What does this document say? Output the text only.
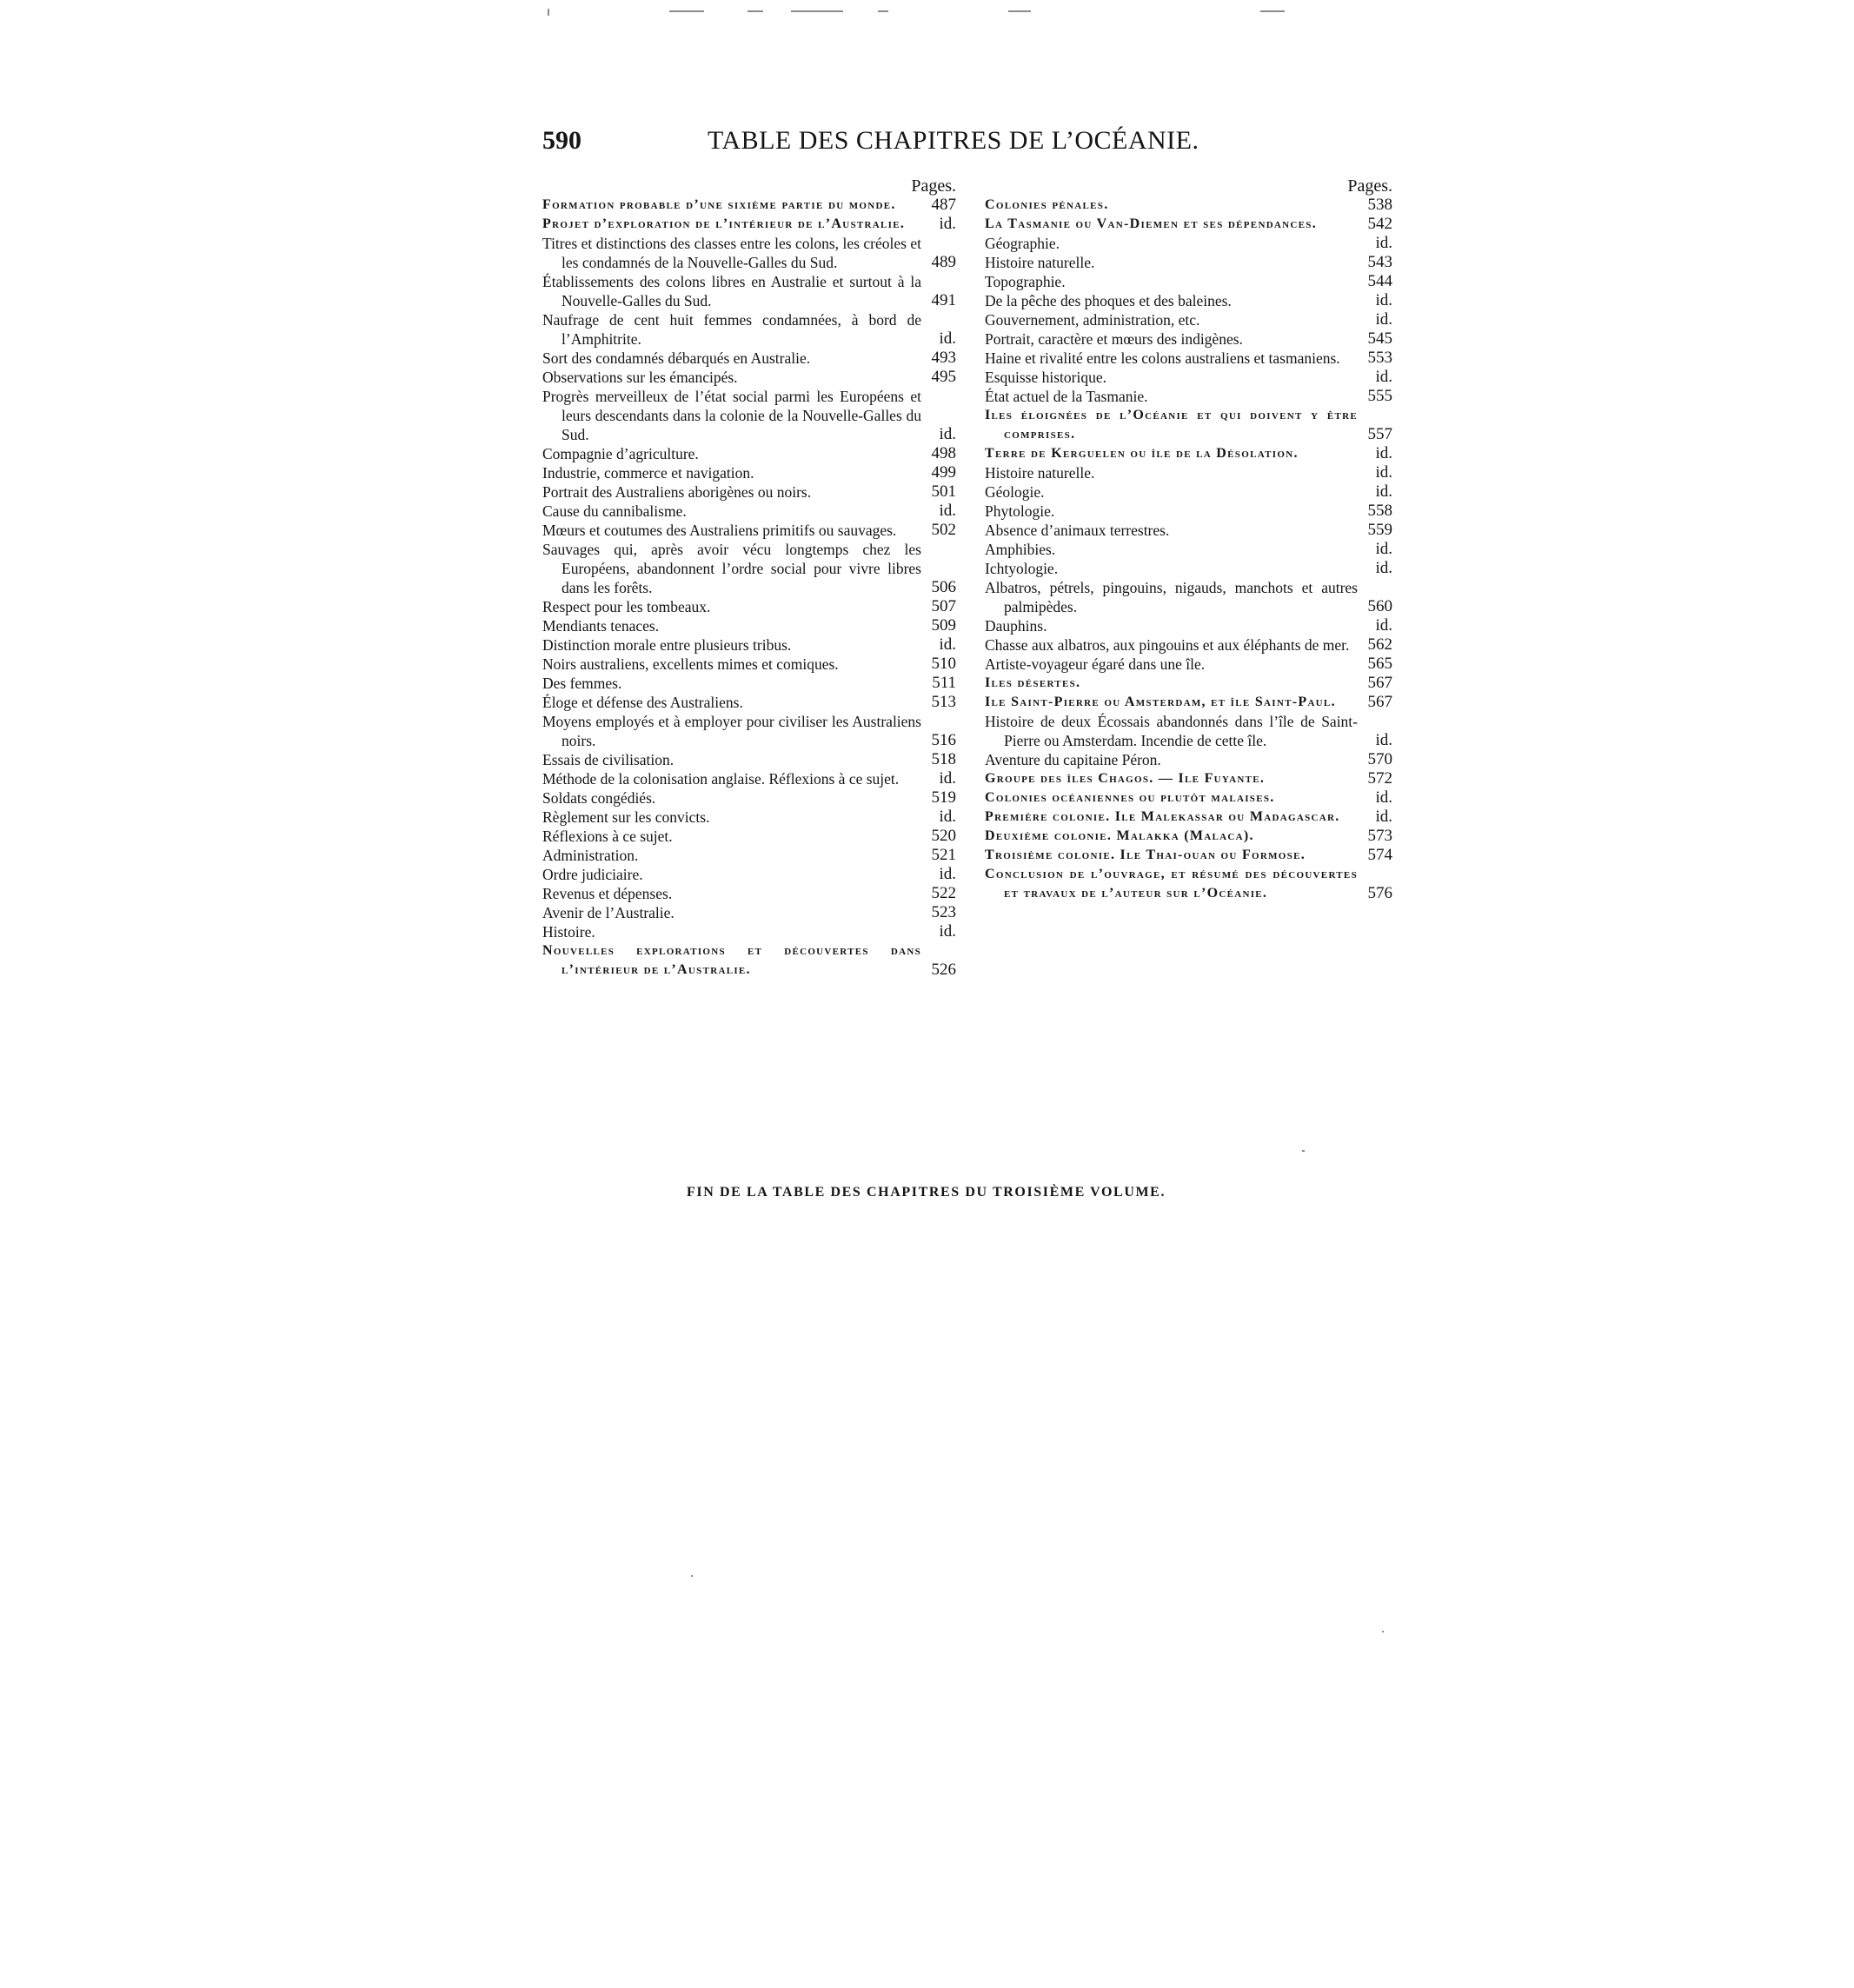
590	TABLE DES CHAPITRES DE L’OCÉANIE.
Pages.
Formation probable d’une sixième partie du monde.	487
Projet d’exploration de l’intérieur de l’Australie.	id.
Titres et distinctions des classes entre les colons, les créoles et les condamnés de la Nouvelle-Galles du Sud.	489
Établissements des colons libres en Australie et surtout à la Nouvelle-Galles du Sud.	491
Naufrage de cent huit femmes condamnées, à bord de l’Amphitrite.	id.
Sort des condamnés débarqués en Australie.	493
Observations sur les émancipés.	495
Progrès merveilleux de l’état social parmi les Européens et leurs descendants dans la colonie de la Nouvelle-Galles du Sud.	id.
Compagnie d’agriculture.	498
Industrie, commerce et navigation.	499
Portrait des Australiens aborigènes ou noirs.	501
Cause du cannibalisme.	id.
Mœurs et coutumes des Australiens primitifs ou sauvages.	502
Sauvages qui, après avoir vécu longtemps chez les Européens, abandonnent l’ordre social pour vivre libres dans les forêts.	506
Respect pour les tombeaux.	507
Mendiants tenaces.	509
Distinction morale entre plusieurs tribus.	id.
Noirs australiens, excellents mimes et comiques.	510
Des femmes.	511
Éloge et défense des Australiens.	513
Moyens employés et à employer pour civiliser les Australiens noirs.	516
Essais de civilisation.	518
Méthode de la colonisation anglaise. Réflexions à ce sujet.	id.
Soldats congédiés.	519
Règlement sur les convicts.	id.
Réflexions à ce sujet.	520
Administration.	521
Ordre judiciaire.	id.
Revenus et dépenses.	522
Avenir de l’Australie.	523
Histoire.	id.
Nouvelles explorations et découvertes dans l’intérieur de l’Australie.	526
Pages.
Colonies pénales.	538
La Tasmanie ou Van-Diemen et ses dépendances.	542
Géographie.	id.
Histoire naturelle.	543
Topographie.	544
De la pêche des phoques et des baleines.	id.
Gouvernement, administration, etc.	id.
Portrait, caractère et mœurs des indigènes.	545
Haine et rivalité entre les colons australiens et tasmaniens.	553
Esquisse historique.	id.
État actuel de la Tasmanie.	555
Iles éloignées de l’Océanie et qui doivent y être comprises.	557
Terre de Kerguelen ou île de la Désolation.	id.
Histoire naturelle.	id.
Géologie.	id.
Phytologie.	558
Absence d’animaux terrestres.	559
Amphibies.	id.
Ichtyologie.	id.
Albatros, pétrels, pingouins, nigauds, manchots et autres palmipèdes.	560
Dauphins.	id.
Chasse aux albatros, aux pingouins et aux éléphants de mer.	562
Artiste-voyageur égaré dans une île.	565
Iles désertes.	567
Ile Saint-Pierre ou Amsterdam, et île Saint-Paul.	567
Histoire de deux Écossais abandonnés dans l’île de Saint-Pierre ou Amsterdam. Incendie de cette île.	id.
Aventure du capitaine Péron.	570
Groupe des îles Chagos. — Ile Fuyante.	572
Colonies océaniennes ou plutôt malaises.	id.
Première colonie. Ile Malekassar ou Madagascar.	id.
Deuxième colonie. Malakka (Malaca).	573
Troisième colonie. Ile Thai-ouan ou Formose.	574
Conclusion de l’ouvrage, et résumé des découvertes et travaux de l’auteur sur l’Océanie.	576
FIN DE LA TABLE DES CHAPITRES DU TROISIÈME VOLUME.
